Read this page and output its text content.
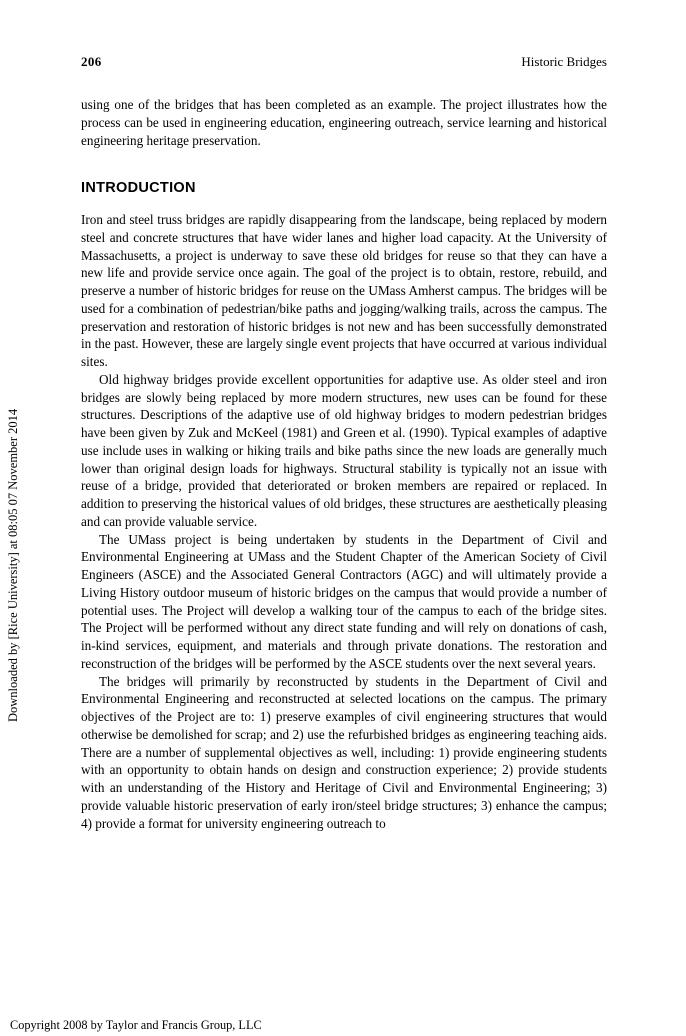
206	Historic Bridges
Downloaded by [Rice University] at 08:05 07 November 2014

using one of the bridges that has been completed as an example. The project illustrates how the process can be used in engineering education, engineering outreach, service learning and historical engineering heritage preservation.

INTRODUCTION

Iron and steel truss bridges are rapidly disappearing from the landscape, being replaced by modern steel and concrete structures that have wider lanes and higher load capacity. At the University of Massachusetts, a project is underway to save these old bridges for reuse so that they can have a new life and provide service once again. The goal of the project is to obtain, restore, rebuild, and preserve a number of historic bridges for reuse on the UMass Amherst campus. The bridges will be used for a combination of pedestrian/bike paths and jogging/walking trails, across the campus. The preservation and restoration of historic bridges is not new and has been successfully demonstrated in the past. However, these are largely single event projects that have occurred at various individual sites.

Old highway bridges provide excellent opportunities for adaptive use. As older steel and iron bridges are slowly being replaced by more modern structures, new uses can be found for these structures. Descriptions of the adaptive use of old highway bridges to modern pedestrian bridges have been given by Zuk and McKeel (1981) and Green et al. (1990). Typical examples of adaptive use include uses in walking or hiking trails and bike paths since the new loads are generally much lower than original design loads for highways. Structural stability is typically not an issue with reuse of a bridge, provided that deteriorated or broken members are repaired or replaced. In addition to preserving the historical values of old bridges, these structures are aesthetically pleasing and can provide valuable service.

The UMass project is being undertaken by students in the Department of Civil and Environmental Engineering at UMass and the Student Chapter of the American Society of Civil Engineers (ASCE) and the Associated General Contractors (AGC) and will ultimately provide a Living History outdoor museum of historic bridges on the campus that would provide a number of potential uses. The Project will develop a walking tour of the campus to each of the bridge sites. The Project will be performed without any direct state funding and will rely on donations of cash, in-kind services, equipment, and materials and through private donations. The restoration and reconstruction of the bridges will be performed by the ASCE students over the next several years.

The bridges will primarily by reconstructed by students in the Department of Civil and Environmental Engineering and reconstructed at selected locations on the campus. The primary objectives of the Project are to: 1) preserve examples of civil engineering structures that would otherwise be demolished for scrap; and 2) use the refurbished bridges as engineering teaching aids. There are a number of supplemental objectives as well, including: 1) provide engineering students with an opportunity to obtain hands on design and construction experience; 2) provide students with an understanding of the History and Heritage of Civil and Environmental Engineering; 3) provide valuable historic preservation of early iron/steel bridge structures; 3) enhance the campus; 4) provide a format for university engineering outreach to

Copyright 2008 by Taylor and Francis Group, LLC
